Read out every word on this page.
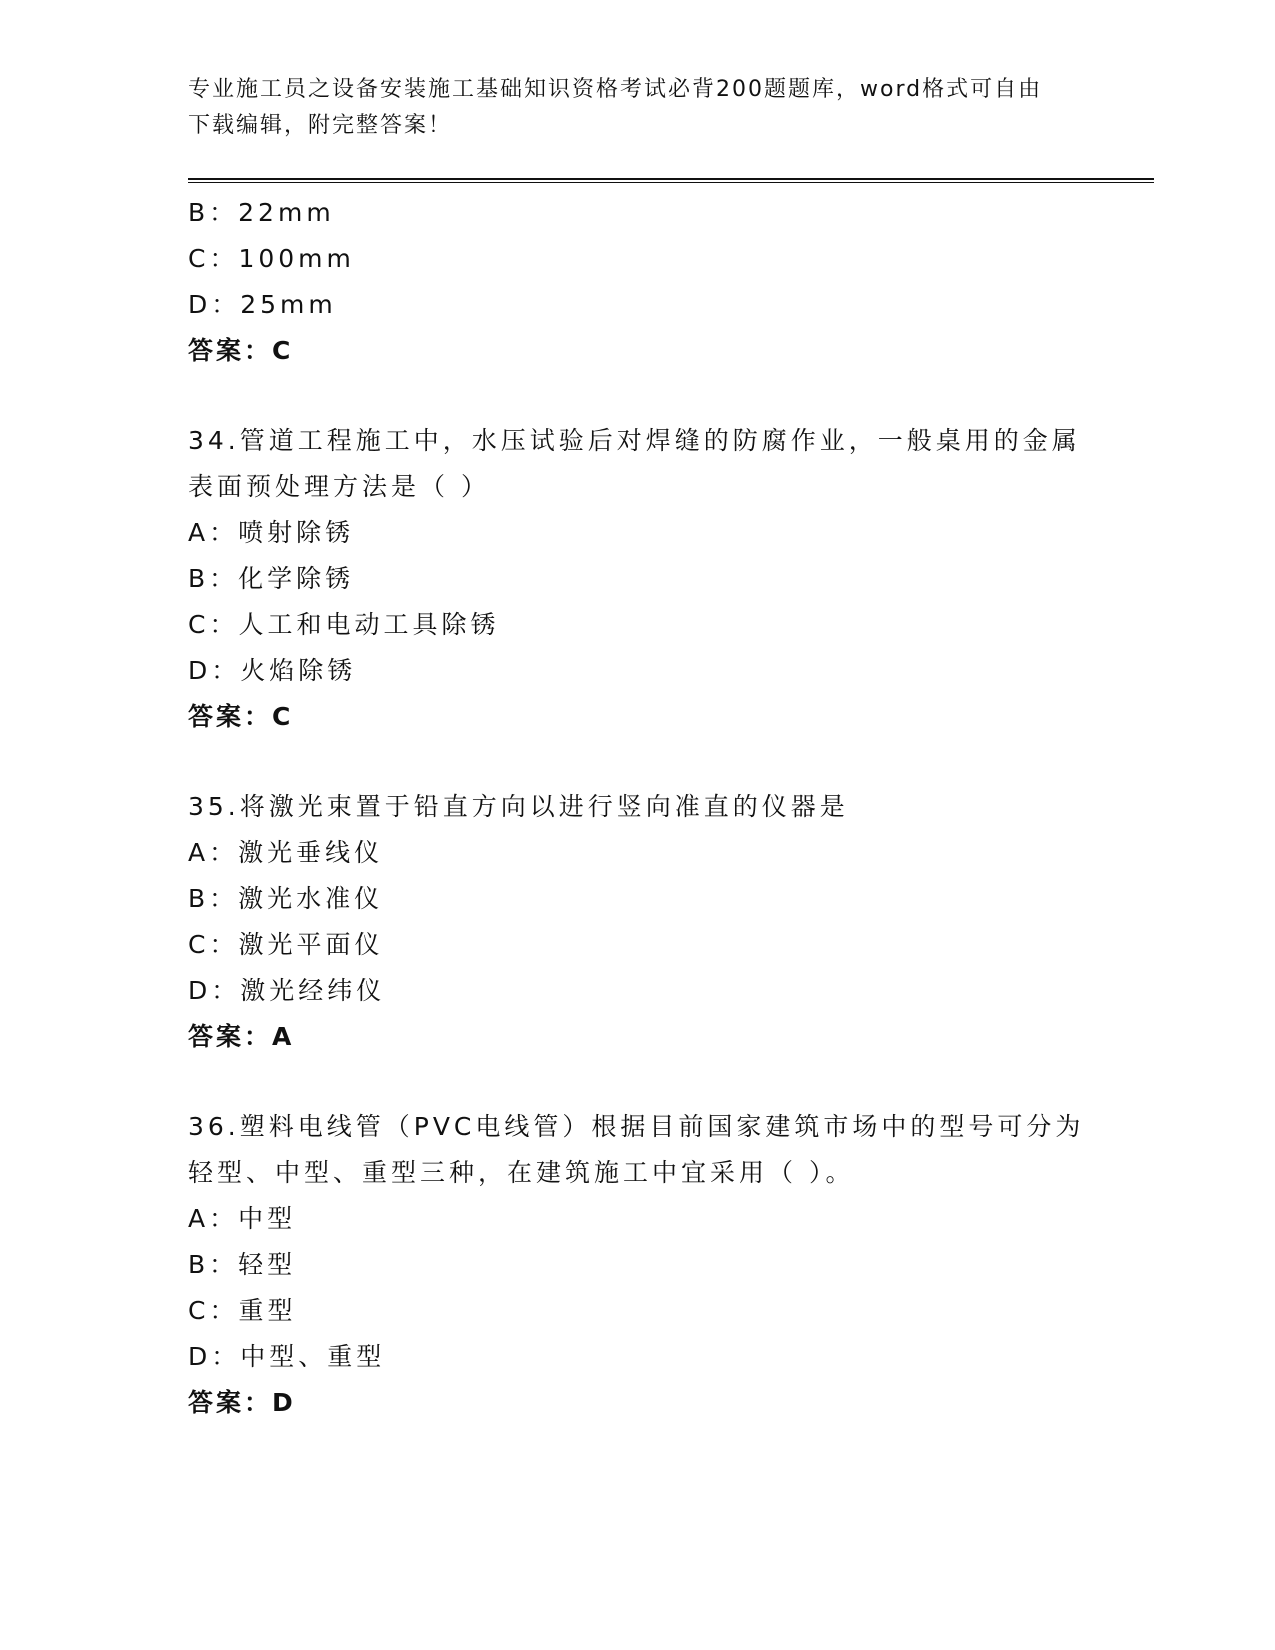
专业施工员之设备安装施工基础知识资格考试必背200题题库，word格式可自由
下载编辑，附完整答案！
B：22mm
C：100mm
D：25mm
答案：C
34.管道工程施工中，水压试验后对焊缝的防腐作业，一般桌用的金属
表面预处理方法是（ ）
A：喷射除锈
B：化学除锈
C：人工和电动工具除锈
D：火焰除锈
答案：C
35.将激光束置于铅直方向以进行竖向准直的仪器是
A：激光垂线仪
B：激光水准仪
C：激光平面仪
D：激光经纬仪
答案：A
36.塑料电线管（PVC电线管）根据目前国家建筑市场中的型号可分为
轻型、中型、重型三种，在建筑施工中宜采用（ ）。
A：中型
B：轻型
C：重型
D：中型、重型
答案：D
